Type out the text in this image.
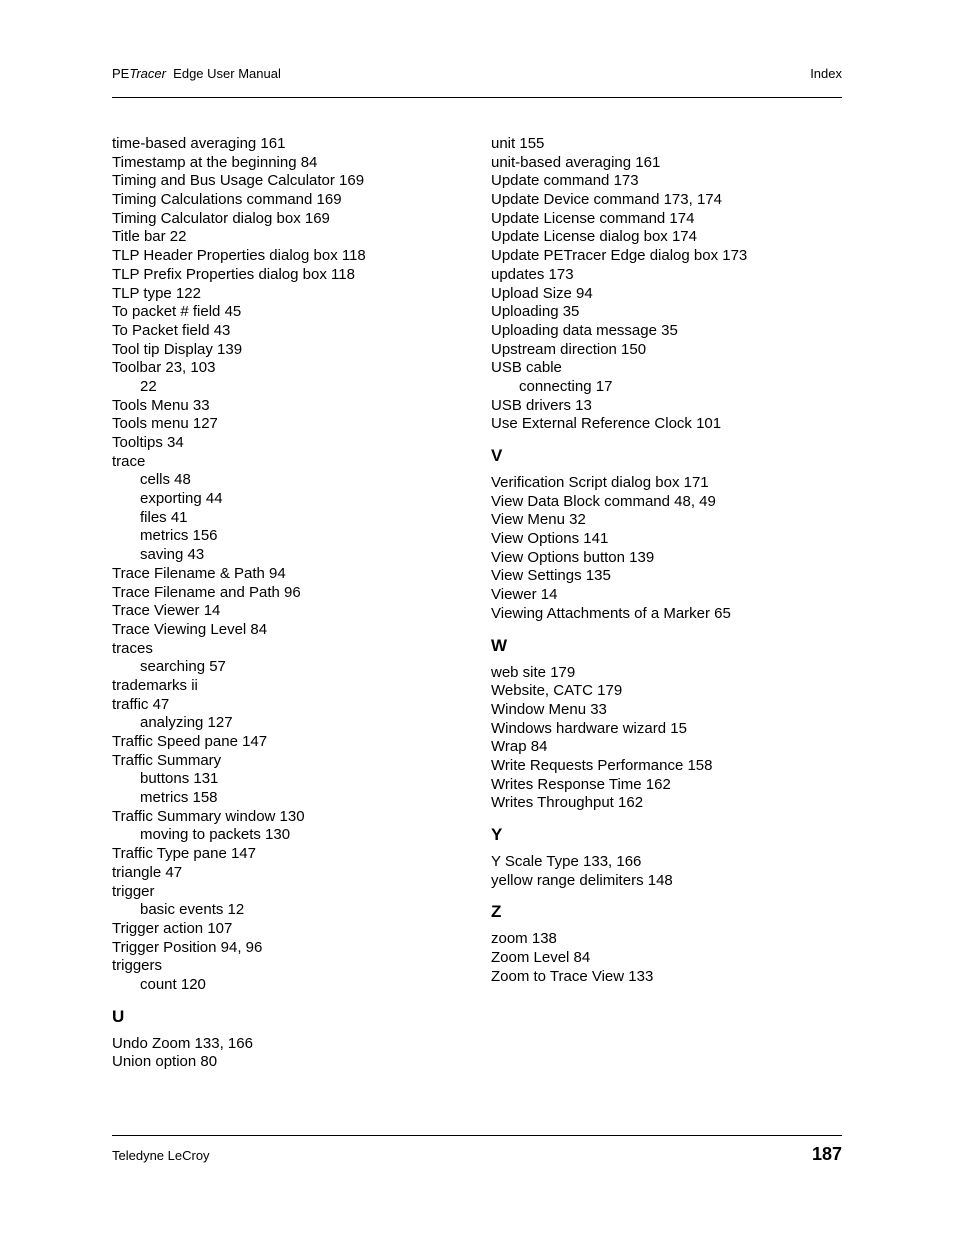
PETracer  Edge User Manual	Index
time-based averaging 161
Timestamp at the beginning 84
Timing and Bus Usage Calculator 169
Timing Calculations command 169
Timing Calculator dialog box 169
Title bar 22
TLP Header Properties dialog box 118
TLP Prefix Properties dialog box 118
TLP type 122
To packet # field 45
To Packet field 43
Tool tip Display 139
Toolbar 23, 103
22
Tools Menu 33
Tools menu 127
Tooltips 34
trace
cells 48
exporting 44
files 41
metrics 156
saving 43
Trace Filename & Path 94
Trace Filename and Path 96
Trace Viewer 14
Trace Viewing Level 84
traces
searching 57
trademarks ii
traffic 47
analyzing 127
Traffic Speed pane 147
Traffic Summary
buttons 131
metrics 158
Traffic Summary window 130
moving to packets 130
Traffic Type pane 147
triangle 47
trigger
basic events 12
Trigger action 107
Trigger Position 94, 96
triggers
count 120
U
Undo Zoom 133, 166
Union option 80
unit 155
unit-based averaging 161
Update command 173
Update Device command 173, 174
Update License command 174
Update License dialog box 174
Update PETracer Edge dialog box 173
updates 173
Upload Size 94
Uploading 35
Uploading data message 35
Upstream direction 150
USB cable
connecting 17
USB drivers 13
Use External Reference Clock 101
V
Verification Script dialog box 171
View Data Block command 48, 49
View Menu 32
View Options 141
View Options button 139
View Settings 135
Viewer 14
Viewing Attachments of a Marker 65
W
web site 179
Website, CATC 179
Window Menu 33
Windows hardware wizard 15
Wrap 84
Write Requests Performance 158
Writes Response Time 162
Writes Throughput 162
Y
Y Scale Type 133, 166
yellow range delimiters 148
Z
zoom 138
Zoom Level 84
Zoom to Trace View 133
Teledyne LeCroy	187
